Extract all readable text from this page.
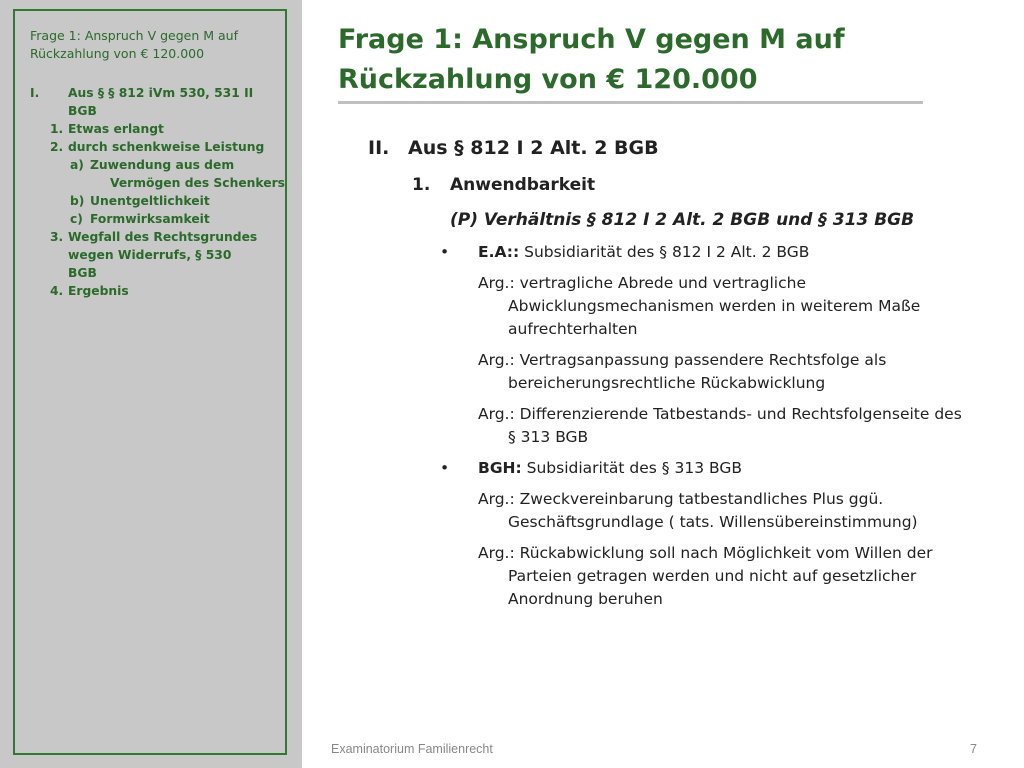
Frage 1: Anspruch V gegen M auf
Rückzahlung von € 120.000
I. Aus § § 812 iVm 530, 531 II
BGB
1. Etwas erlangt
2. durch schenkweise Leistung
a) Zuwendung aus dem
Vermögen des Schenkers
b) Unentgeltlichkeit
c) Formwirksamkeit
3. Wegfall des Rechtsgrundes
wegen Widerrufs, § 530
BGB
4. Ergebnis
Frage 1: Anspruch V gegen M auf
Rückzahlung von € 120.000
II. Aus § 812 I 2 Alt. 2 BGB
1. Anwendbarkeit
(P) Verhältnis § 812 I 2 Alt. 2 BGB und § 313 BGB
• E.A:: Subsidiarität des § 812 I 2 Alt. 2 BGB
Arg.: vertragliche Abrede und vertragliche
Abwicklungsmechanismen werden in weiterem Maße
aufrechterhalten
Arg.: Vertragsanpassung passendere Rechtsfolge als
bereicherungsrechtliche Rückabwicklung
Arg.: Differenzierende Tatbestands- und Rechtsfolgenseite des
§ 313 BGB
• BGH: Subsidiarität des § 313 BGB
Arg.: Zweckvereinbarung tatbestandliches Plus ggü.
Geschäftsgrundlage ( tats. Willensübereinstimmung)
Arg.: Rückabwicklung soll nach Möglichkeit vom Willen der
Parteien getragen werden und nicht auf gesetzlicher
Anordnung beruhen
Examinatorium Familienrecht	7
